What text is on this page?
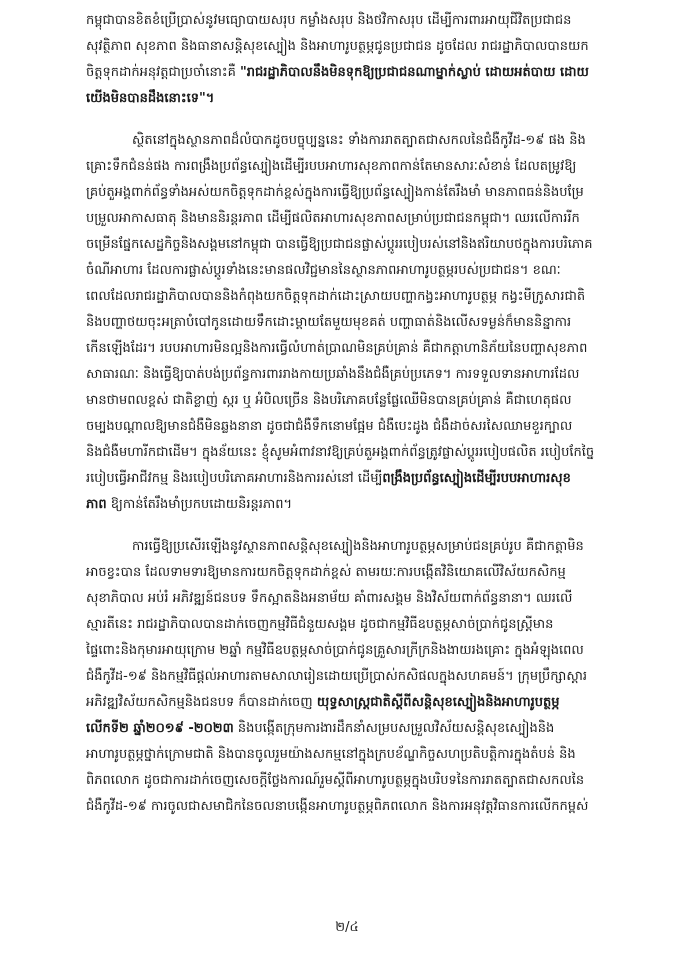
កម្ពុជាបានខិតខំប្រើប្រាស់នូវមធ្យោបាយសរុប កម្លាំងសរុប និងថវិកាសរុប ដើម្បីការពារអាយុជីវិតប្រជាជន
សុវត្ថិភាព សុខភាព និងធានាសន្តិសុខស្បៀង និងអាហារូបត្ថម្ភជូនប្រជាជន ដូចដែល រាជរដ្ឋាភិបាលបានយក
ចិត្តទុកដាក់អនុវត្តជាប្រចាំនោះគឺ "រាជរដ្ឋាភិបាលនឹងមិនទុកឱ្យប្រជាជនណាម្នាក់ស្លាប់ ដោយអត់បាយ ដោយ
យើងមិនបានដឹងនោះទេ"។
ស្ថិតនៅក្នុងស្ថានភាពដ៏លំបាកដូចបច្ចុប្បន្ននេះ ទាំងការរាតត្បាតជាសកលនៃជំងឺកូវីដ-១៩ ផង និង
គ្រោះទឹកជំនន់ផង ការពង្រឹងប្រព័ន្ធស្បៀងដើម្បីរបបអាហារសុខភាពកាន់តែមានសារៈសំខាន់ ដែលតម្រូវឱ្យ
គ្រប់តួអង្គពាក់ព័ន្ធទាំងអស់យកចិត្តទុកដាក់ខ្ពស់ក្នុងការធ្វើឱ្យប្រព័ន្ធស្បៀងកាន់តែរឹងមាំ មានភាពធន់និងបម្រែ
បម្រួលអាកាសធាតុ និងមាននិរន្តរភាព ដើម្បីផលិតអាហារសុខភាពសម្រាប់ប្រជាជនកម្ពុជា។ ឈរលើការរីក
ចម្រើនផ្នែកសេដ្ឋកិច្ចនិងសង្គមនៅកម្ពុជា បានធ្វើឱ្យប្រជាជនផ្លាស់ប្តូររបៀបរស់នៅនិងឥរិយាបថក្នុងការបរិភោគ
ចំណីអាហារ ដែលការផ្លាស់ប្តូរទាំងនេះមានផលវិជ្ជមាននៃស្ថានភាពអាហារូបត្ថម្ភរបស់ប្រជាជន។ ខណៈ
ពេលដែលរាជរដ្ឋាភិបាលបាននិងកំពុងយកចិត្តទុកដាក់ដោះស្រាយបញ្ហាកង្វះអាហារូបត្ថម្ភ កង្វះមីក្រូសារជាតិ
និងបញ្ហាថយចុះអត្រាបំបៅកូនដោយទឹកដោះម្តាយតែមួយមុខគត់ បញ្ហាធាត់និងលើសទម្ងន់ក៏មាននិន្នាការ
កើនឡើងដែរ។ របបអាហារមិនល្អនិងការធ្វើលំហាត់ប្រាណមិនគ្រប់គ្រាន់ គឺជាកត្តាហានិភ័យនៃបញ្ហាសុខភាព
សាធារណៈ និងធ្វើឱ្យបាត់បង់ប្រព័ន្ធការពាររាងកាយប្រឆាំងនឹងជំងឺគ្រប់ប្រភេទ។ ការទទួលទានអាហារដែល
មានថាមពលខ្ពស់ ជាតិខ្លាញ់ ស្ករ ឬ អំបិលច្រើន និងបរិភោគបន្លែផ្លែឈើមិនបានគ្រប់គ្រាន់ គឺជាហេតុផល
ចម្បងបណ្តាលឱ្យមានជំងឺមិនឆ្លងនានា ដូចជាជំងឺទឹកនោមផ្អែម ជំងឺបេះដូង ជំងឺដាច់សរសៃឈាមខួរក្បាល
និងជំងឺមហារីកជាដើម។ ក្នុងន័យនេះ ខ្ញុំសូមអំពាវនាវឱ្យគ្រប់តួអង្គពាក់ព័ន្ធត្រូវផ្លាស់ប្តូររបៀបផលិត របៀបកែច្នៃ
របៀបធ្វើអាជីវកម្ម និងរបៀបបរិភោគអាហារនិងការរស់នៅ ដើម្បីពង្រឹងប្រព័ន្ធស្បៀងដើម្បីរបបអាហារសុខ
ភាព ឱ្យកាន់តែរឹងមាំប្រកបដោយនិរន្តរភាព។
ការធ្វើឱ្យប្រសើរឡើងនូវស្ថានភាពសន្តិសុខស្បៀងនិងអាហារូបត្ថម្ភសម្រាប់ជនគ្រប់រូប គឺជាកត្តាមិន
អាចខ្វះបាន ដែលទាមទារឱ្យមានការយកចិត្តទុកដាក់ខ្ពស់ តាមរយៈការបង្កើតវិនិយោគលើវិស័យកសិកម្ម
សុខាភិបាល អប់រំ អភិវឌ្ឍន៍ជនបទ ទឹកស្អាតនិងអនាម័យ គាំពារសង្គម និងវិស័យពាក់ព័ន្ធនានា។ ឈរលើ
ស្មារតីនេះ រាជរដ្ឋាភិបាលបានដាក់ចេញកម្មវិធីជំនួយសង្គម ដូចជាកម្មវិធីឧបត្ថម្ភសាច់ប្រាក់ជូនស្ត្រីមាន
ផ្ទៃពោះនិងកុមារអាយុក្រោម ២ឆ្នាំ កម្មវិធីឧបត្ថម្ភសាច់ប្រាក់ជូនគ្រួសារក្រីក្រនិងងាយរងគ្រោះ ក្នុងអំឡុងពេល
ជំងឺកូវីដ-១៩ និងកម្មវិធីផ្តល់អាហារតាមសាលារៀនដោយប្រើប្រាស់កសិផលក្នុងសហគមន៍។ ក្រុមប្រឹក្សាស្តារ
អភិវឌ្ឍវិស័យកសិកម្មនិងជនបទ ក៏បានដាក់ចេញ យុទ្ធសាស្ត្រជាតិស្តីពីសន្តិសុខស្បៀងនិងអាហារូបត្ថម្ភ
លើកទី២ ឆ្នាំ២០១៩ -២០២៣ និងបង្កើតក្រុមការងារដឹកនាំសម្របសម្រួលវិស័យសន្តិសុខស្បៀងនិង
អាហារូបត្ថម្ភថ្នាក់ក្រោមជាតិ និងបានចូលរួមយ៉ាងសកម្មនៅក្នុងក្របខ័ណ្ឌកិច្ចសហប្រតិបត្តិការក្នុងតំបន់ និង
ពិភពលោក ដូចជាការដាក់ចេញសេចក្តីថ្លែងការណ៍រួមស្តីពីអាហារូបត្ថម្ភក្នុងបរិបទនៃការរាតត្បាតជាសកលនៃ
ជំងឺកូវីដ-១៩ ការចូលជាសមាជិកនៃចលនាបង្កើនអាហារូបត្ថម្ភពិភពលោក និងការអនុវត្តវិធានការលើកកម្ពស់
២/៤
